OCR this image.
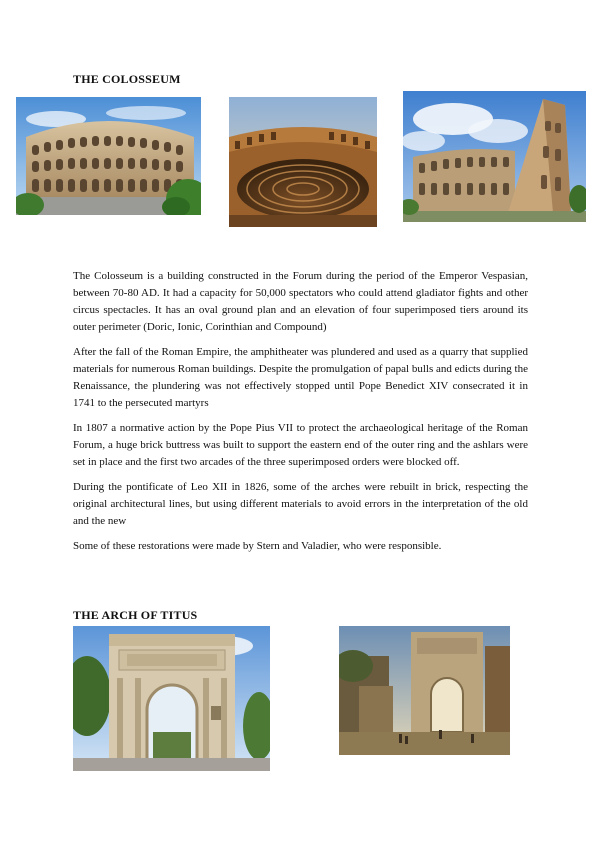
THE COLOSSEUM

The Colosseum is a building constructed in the Forum during the period of the Emperor Vespasian, between 70-80 AD. It had a capacity for 50,000 spectators who could attend gladiator fights and other circus spectacles. It has an oval ground plan and an elevation of four superimposed tiers around its outer perimeter (Doric, Ionic, Corinthian and Compound)

After the fall of the Roman Empire, the amphitheater was plundered and used as a quarry that supplied materials for numerous Roman buildings. Despite the promulgation of papal bulls and edicts during the Renaissance, the plundering was not effectively stopped until Pope Benedict XIV consecrated it in 1741 to the persecuted martyrs

In 1807 a normative action by the Pope Pius VII to protect the archaeological heritage of the Roman Forum, a huge brick buttress was built to support the eastern end of the outer ring and the ashlars were set in place and the first two arcades of the three superimposed orders were blocked off.

During the pontificate of Leo XII in 1826, some of the arches were rebuilt in brick, respecting the original architectural lines, but using different materials to avoid errors in the interpretation of the old and the new

Some of these restorations were made by Stern and Valadier, who were responsible.

THE ARCH OF TITUS
